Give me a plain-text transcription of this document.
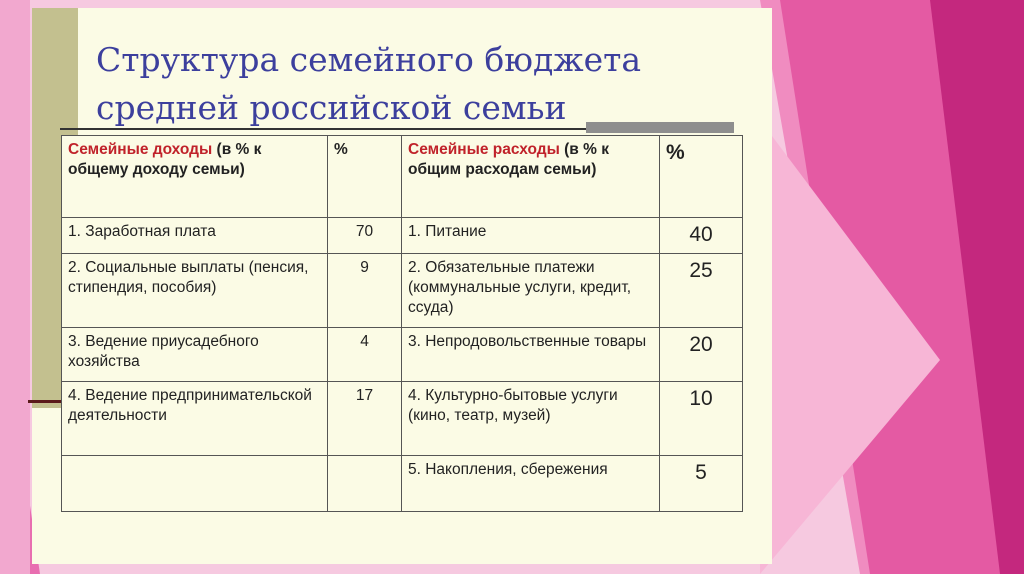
Структура семейного бюджета
средней российской семьи
Семейные доходы (в % к общему доходу семьи)	%	Семейные расходы (в % к общим расходам семьи)	%
1. Заработная плата	70	1. Питание	40
2. Социальные выплаты (пенсия, стипендия, пособия)	9	2. Обязательные платежи (коммунальные услуги, кредит, ссуда)	25
3. Ведение приусадебного хозяйства	4	3. Непродовольственные товары	20
4. Ведение предпринимательской деятельности	17	4. Культурно-бытовые услуги (кино, театр, музей)	10
		5. Накопления, сбережения	5
